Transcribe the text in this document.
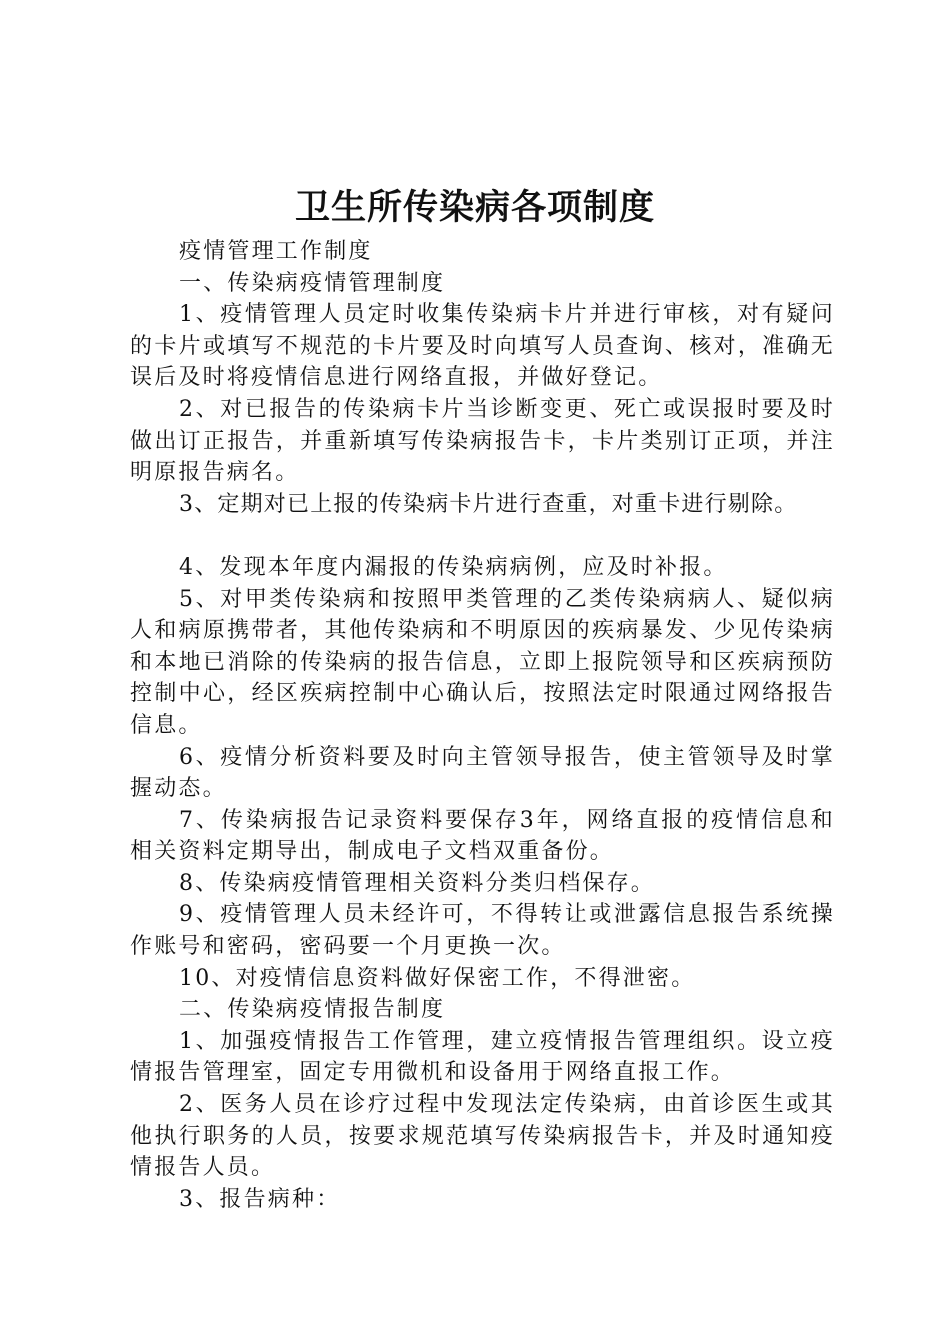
卫生所传染病各项制度

疫情管理工作制度

一、传染病疫情管理制度

1、疫情管理人员定时收集传染病卡片并进行审核，对有疑问的卡片或填写不规范的卡片要及时向填写人员查询、核对，准确无误后及时将疫情信息进行网络直报，并做好登记。

2、对已报告的传染病卡片当诊断变更、死亡或误报时要及时做出订正报告，并重新填写传染病报告卡，卡片类别订正项，并注明原报告病名。

3、定期对已上报的传染病卡片进行查重，对重卡进行剔除。

4、发现本年度内漏报的传染病病例，应及时补报。

5、对甲类传染病和按照甲类管理的乙类传染病病人、疑似病人和病原携带者，其他传染病和不明原因的疾病暴发、少见传染病和本地已消除的传染病的报告信息，立即上报院领导和区疾病预防控制中心，经区疾病控制中心确认后，按照法定时限通过网络报告信息。

6、疫情分析资料要及时向主管领导报告，使主管领导及时掌握动态。

7、传染病报告记录资料要保存3年，网络直报的疫情信息和相关资料定期导出，制成电子文档双重备份。

8、传染病疫情管理相关资料分类归档保存。

9、疫情管理人员未经许可，不得转让或泄露信息报告系统操作账号和密码，密码要一个月更换一次。

10、对疫情信息资料做好保密工作，不得泄密。

二、传染病疫情报告制度

1、加强疫情报告工作管理，建立疫情报告管理组织。设立疫情报告管理室，固定专用微机和设备用于网络直报工作。

2、医务人员在诊疗过程中发现法定传染病，由首诊医生或其他执行职务的人员，按要求规范填写传染病报告卡，并及时通知疫情报告人员。

3、报告病种：
